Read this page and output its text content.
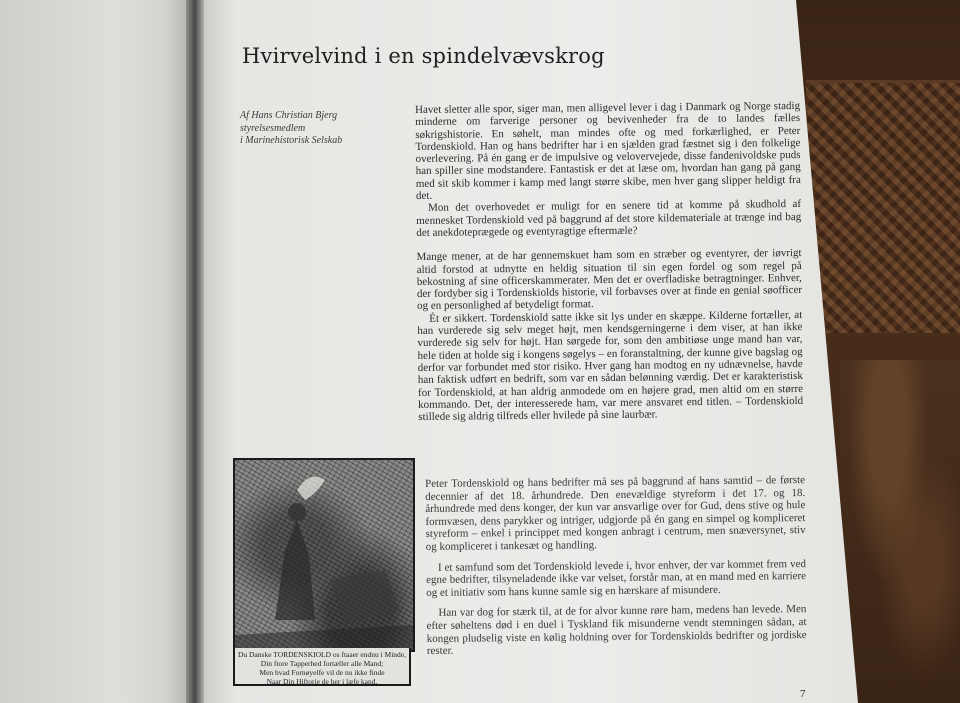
Hvirvelvind i en spindelvævskrog
Af Hans Christian Bjerg
styrelsesmedlem
i Marinehistorisk Selskab

Havet sletter alle spor, siger man, men alligevel lever i dag i Danmark og Norge stadig minderne om farverige personer og bevivenheder fra de to landes fælles søkrigshistorie. En søhelt, man mindes ofte og med forkærlighed, er Peter Tordenskiold. Han og hans bedrifter har i en sjælden grad fæstnet sig i den folkelige overlevering. På én gang er de impulsive og velovervejede, disse fandenivoldske puds han spiller sine modstandere. Fantastisk er det at læse om, hvordan han gang på gang med sit skib kommer i kamp med langt større skibe, men hver gang slipper heldigt fra det.

Mon det overhovedet er muligt for en senere tid at komme på skudhold af mennesket Tordenskiold ved på baggrund af det store kildemateriale at trænge ind bag det anekdoteprægede og eventyragtige eftermæle?

Mange mener, at de har gennemskuet ham som en stræber og eventyrer, der iøvrigt altid forstod at udnytte en heldig situation til sin egen fordel og som regel på bekostning af sine officerskammerater. Men det er overfladiske betragtninger. Enhver, der fordyber sig i Tordenskiolds historie, vil forbavses over at finde en genial søofficer og en personlighed af betydeligt format.

Ét er sikkert. Tordenskiold satte ikke sit lys under en skæppe. Kilderne fortæller, at han vurderede sig selv meget højt, men kendsgerningerne i dem viser, at han ikke vurderede sig selv for højt. Han sørgede for, som den ambitiøse unge mand han var, hele tiden at holde sig i kongens søgelys – en foranstaltning, der kunne give bagslag og derfor var forbundet med stor risiko. Hver gang han modtog en ny udnævnelse, havde han faktisk udført en bedrift, som var en sådan belønning værdig. Det er karakteristisk for Tordenskiold, at han aldrig anmodede om en højere grad, men altid om en større kommando. Det, der interesserede ham, var mere ansvaret end titlen. – Tordenskiold stillede sig aldrig tilfreds eller hvilede på sine laurbær.

Du Danske TORDENSKIOLD os ftaaer endnu i Minde,
Din ftore Tapperhed fortæller alle Mand;
Men hvad Fornøyelfe vil de nu ikke finde
Naar Din Hiftorie de her i læfe kand.

Peter Tordenskiold og hans bedrifter må ses på baggrund af hans samtid – de første decennier af det 18. århundrede. Den enevældige styreform i det 17. og 18. århundrede med dens konger, der kun var ansvarlige over for Gud, dens stive og hule formvæsen, dens parykker og intriger, udgjorde på én gang en simpel og kompliceret styreform – enkel i princippet med kongen anbragt i centrum, men snæversynet, stiv og kompliceret i tankesæt og handling.

I et samfund som det Tordenskiold levede i, hvor enhver, der var kommet frem ved egne bedrifter, tilsyneladende ikke var velset, forstår man, at en mand med en karriere og et initiativ som hans kunne samle sig en hærskare af misundere.

Han var dog for stærk til, at de for alvor kunne røre ham, medens han levede. Men efter søheltens død i en duel i Tyskland fik misunderne vendt stemningen sådan, at kongen pludselig viste en kølig holdning over for Tordenskiolds bedrifter og jordiske rester.

7
